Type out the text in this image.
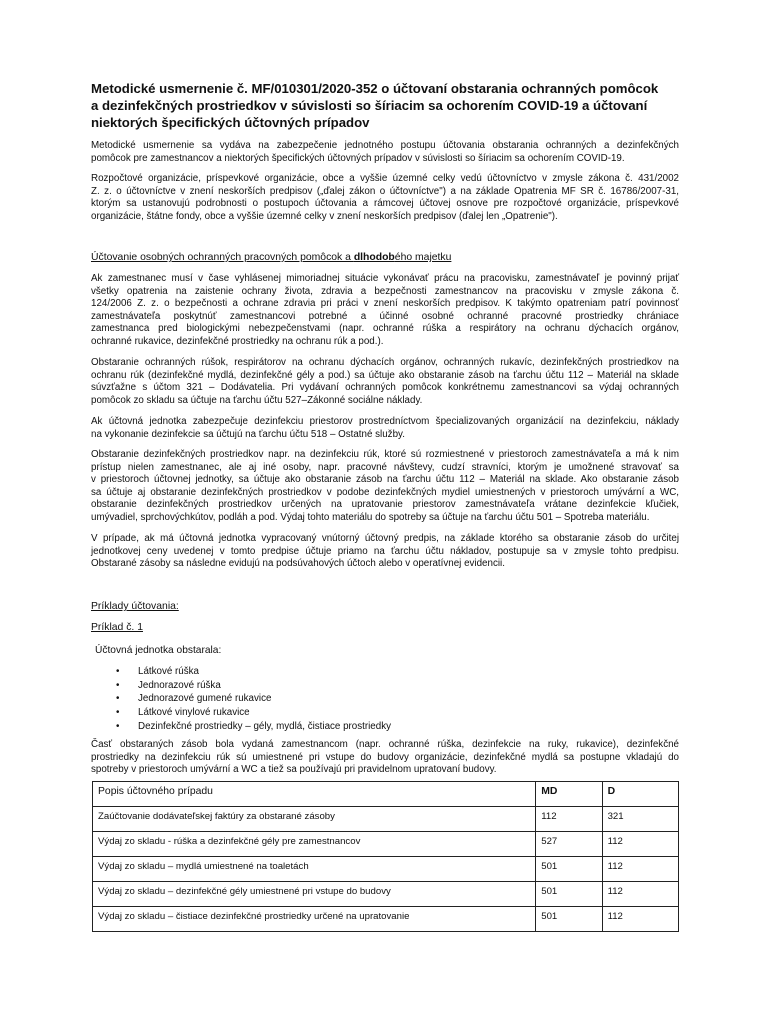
Metodické usmernenie č. MF/010301/2020-352 o účtovaní obstarania ochranných pomôcok
a dezinfekčných prostriedkov v súvislosti so šíriacim sa ochorením COVID-19 a účtovaní
niektorých špecifických účtovných prípadov
Metodické usmernenie sa vydáva na zabezpečenie jednotného postupu účtovania obstarania ochranných a dezinfekčných
pomôcok pre zamestnancov a niektorých špecifických účtovných prípadov v súvislosti so šíriacim sa ochorením COVID-19.
Rozpočtové organizácie, príspevkové organizácie, obce a vyššie územné celky vedú účtovníctvo v zmysle zákona č. 431/2002
Z. z. o účtovníctve v znení neskorších predpisov („ďalej zákon o účtovníctve") a na základe Opatrenia MF SR č. 16786/2007-31,
ktorým sa ustanovujú podrobnosti o postupoch účtovania a rámcovej účtovej osnove pre rozpočtové organizácie, príspevkové
organizácie, štátne fondy, obce a vyššie územné celky v znení neskorších predpisov (ďalej len „Opatrenie").
Účtovanie osobných ochranných pracovných pomôcok a dlhodobého majetku
Ak zamestnanec musí v čase vyhlásenej mimoriadnej situácie vykonávať prácu na pracovisku, zamestnávateľ je povinný prijať
všetky opatrenia na zaistenie ochrany života, zdravia a bezpečnosti zamestnancov na pracovisku v zmysle zákona č.
124/2006 Z. z. o bezpečnosti a ochrane zdravia pri práci v znení neskorších predpisov. K takýmto opatreniam patrí povinnosť
zamestnávateľa poskytnúť zamestnancovi potrebné a účinné osobné ochranné pracovné prostriedky chrániace
zamestnanca pred biologickými nebezpečenstvami (napr. ochranné rúška a respirátory na ochranu dýchacích orgánov,
ochranné rukavice, dezinfekčné prostriedky na ochranu rúk a pod.).
Obstaranie ochranných rúšok, respirátorov na ochranu dýchacích orgánov, ochranných rukavíc, dezinfekčných prostriedkov na
ochranu rúk (dezinfekčné mydlá, dezinfekčné gély a pod.) sa účtuje ako obstaranie zásob na ťarchu účtu 112 – Materiál na sklade
súvzťažne s účtom 321 – Dodávatelia. Pri vydávaní ochranných pomôcok konkrétnemu zamestnancovi sa výdaj ochranných
pomôcok zo skladu sa účtuje na ťarchu účtu 527–Zákonné sociálne náklady.
Ak účtovná jednotka zabezpečuje dezinfekciu priestorov prostredníctvom špecializovaných organizácií na dezinfekciu, náklady
na vykonanie dezinfekcie sa účtujú na ťarchu účtu 518 – Ostatné služby.
Obstaranie dezinfekčných prostriedkov napr. na dezinfekciu rúk, ktoré sú rozmiestnené v priestoroch zamestnávateľa a má k nim
prístup nielen zamestnanec, ale aj iné osoby, napr. pracovné návštevy, cudzí stravníci, ktorým je umožnené stravovať sa
v priestoroch účtovnej jednotky, sa účtuje ako obstaranie zásob na ťarchu účtu 112 – Materiál na sklade. Ako obstaranie zásob
sa účtuje aj obstaranie dezinfekčných prostriedkov v podobe dezinfekčných mydiel umiestnených v priestoroch umývární a WC,
obstaranie dezinfekčných prostriedkov určených na upratovanie priestorov zamestnávateľa vrátane dezinfekcie kľučiek,
umývadiel, sprchovýchkútov, podláh a pod. Výdaj tohto materiálu do spotreby sa účtuje na ťarchu účtu 501 – Spotreba materiálu.
V prípade, ak má účtovná jednotka vypracovaný vnútorný účtovný predpis, na základe ktorého sa obstaranie zásob do určitej
jednotkovej ceny uvedenej v tomto predpise účtuje priamo na ťarchu účtu nákladov, postupuje sa v zmysle tohto predpisu.
Obstarané zásoby sa následne evidujú na podsúvahových účtoch alebo v operatívnej evidencii.
Príklady účtovania:
Príklad č. 1
Účtovná jednotka obstarala:
• Látkové rúška
• Jednorazové rúška
• Jednorazové gumené rukavice
• Látkové vinylové rukavice
• Dezinfekčné prostriedky – gély, mydlá, čistiace prostriedky
Časť obstaraných zásob bola vydaná zamestnancom (napr. ochranné rúška, dezinfekcie na ruky, rukavice), dezinfekčné
prostriedky na dezinfekciu rúk sú umiestnené pri vstupe do budovy organizácie, dezinfekčné mydlá sa postupne vkladajú do
spotreby v priestoroch umývární a WC a tiež sa používajú pri pravidelnom upratovaní budovy.
Popis účtovného prípadu	MD	D
Zaúčtovanie dodávateľskej faktúry za obstarané zásoby	112	321
Výdaj zo skladu - rúška a dezinfekčné gély pre zamestnancov	527	112
Výdaj zo skladu – mydlá umiestnené na toaletách	501	112
Výdaj zo skladu – dezinfekčné gély umiestnené pri vstupe do budovy	501	112
Výdaj zo skladu – čistiace dezinfekčné prostriedky určené na upratovanie	501	112
